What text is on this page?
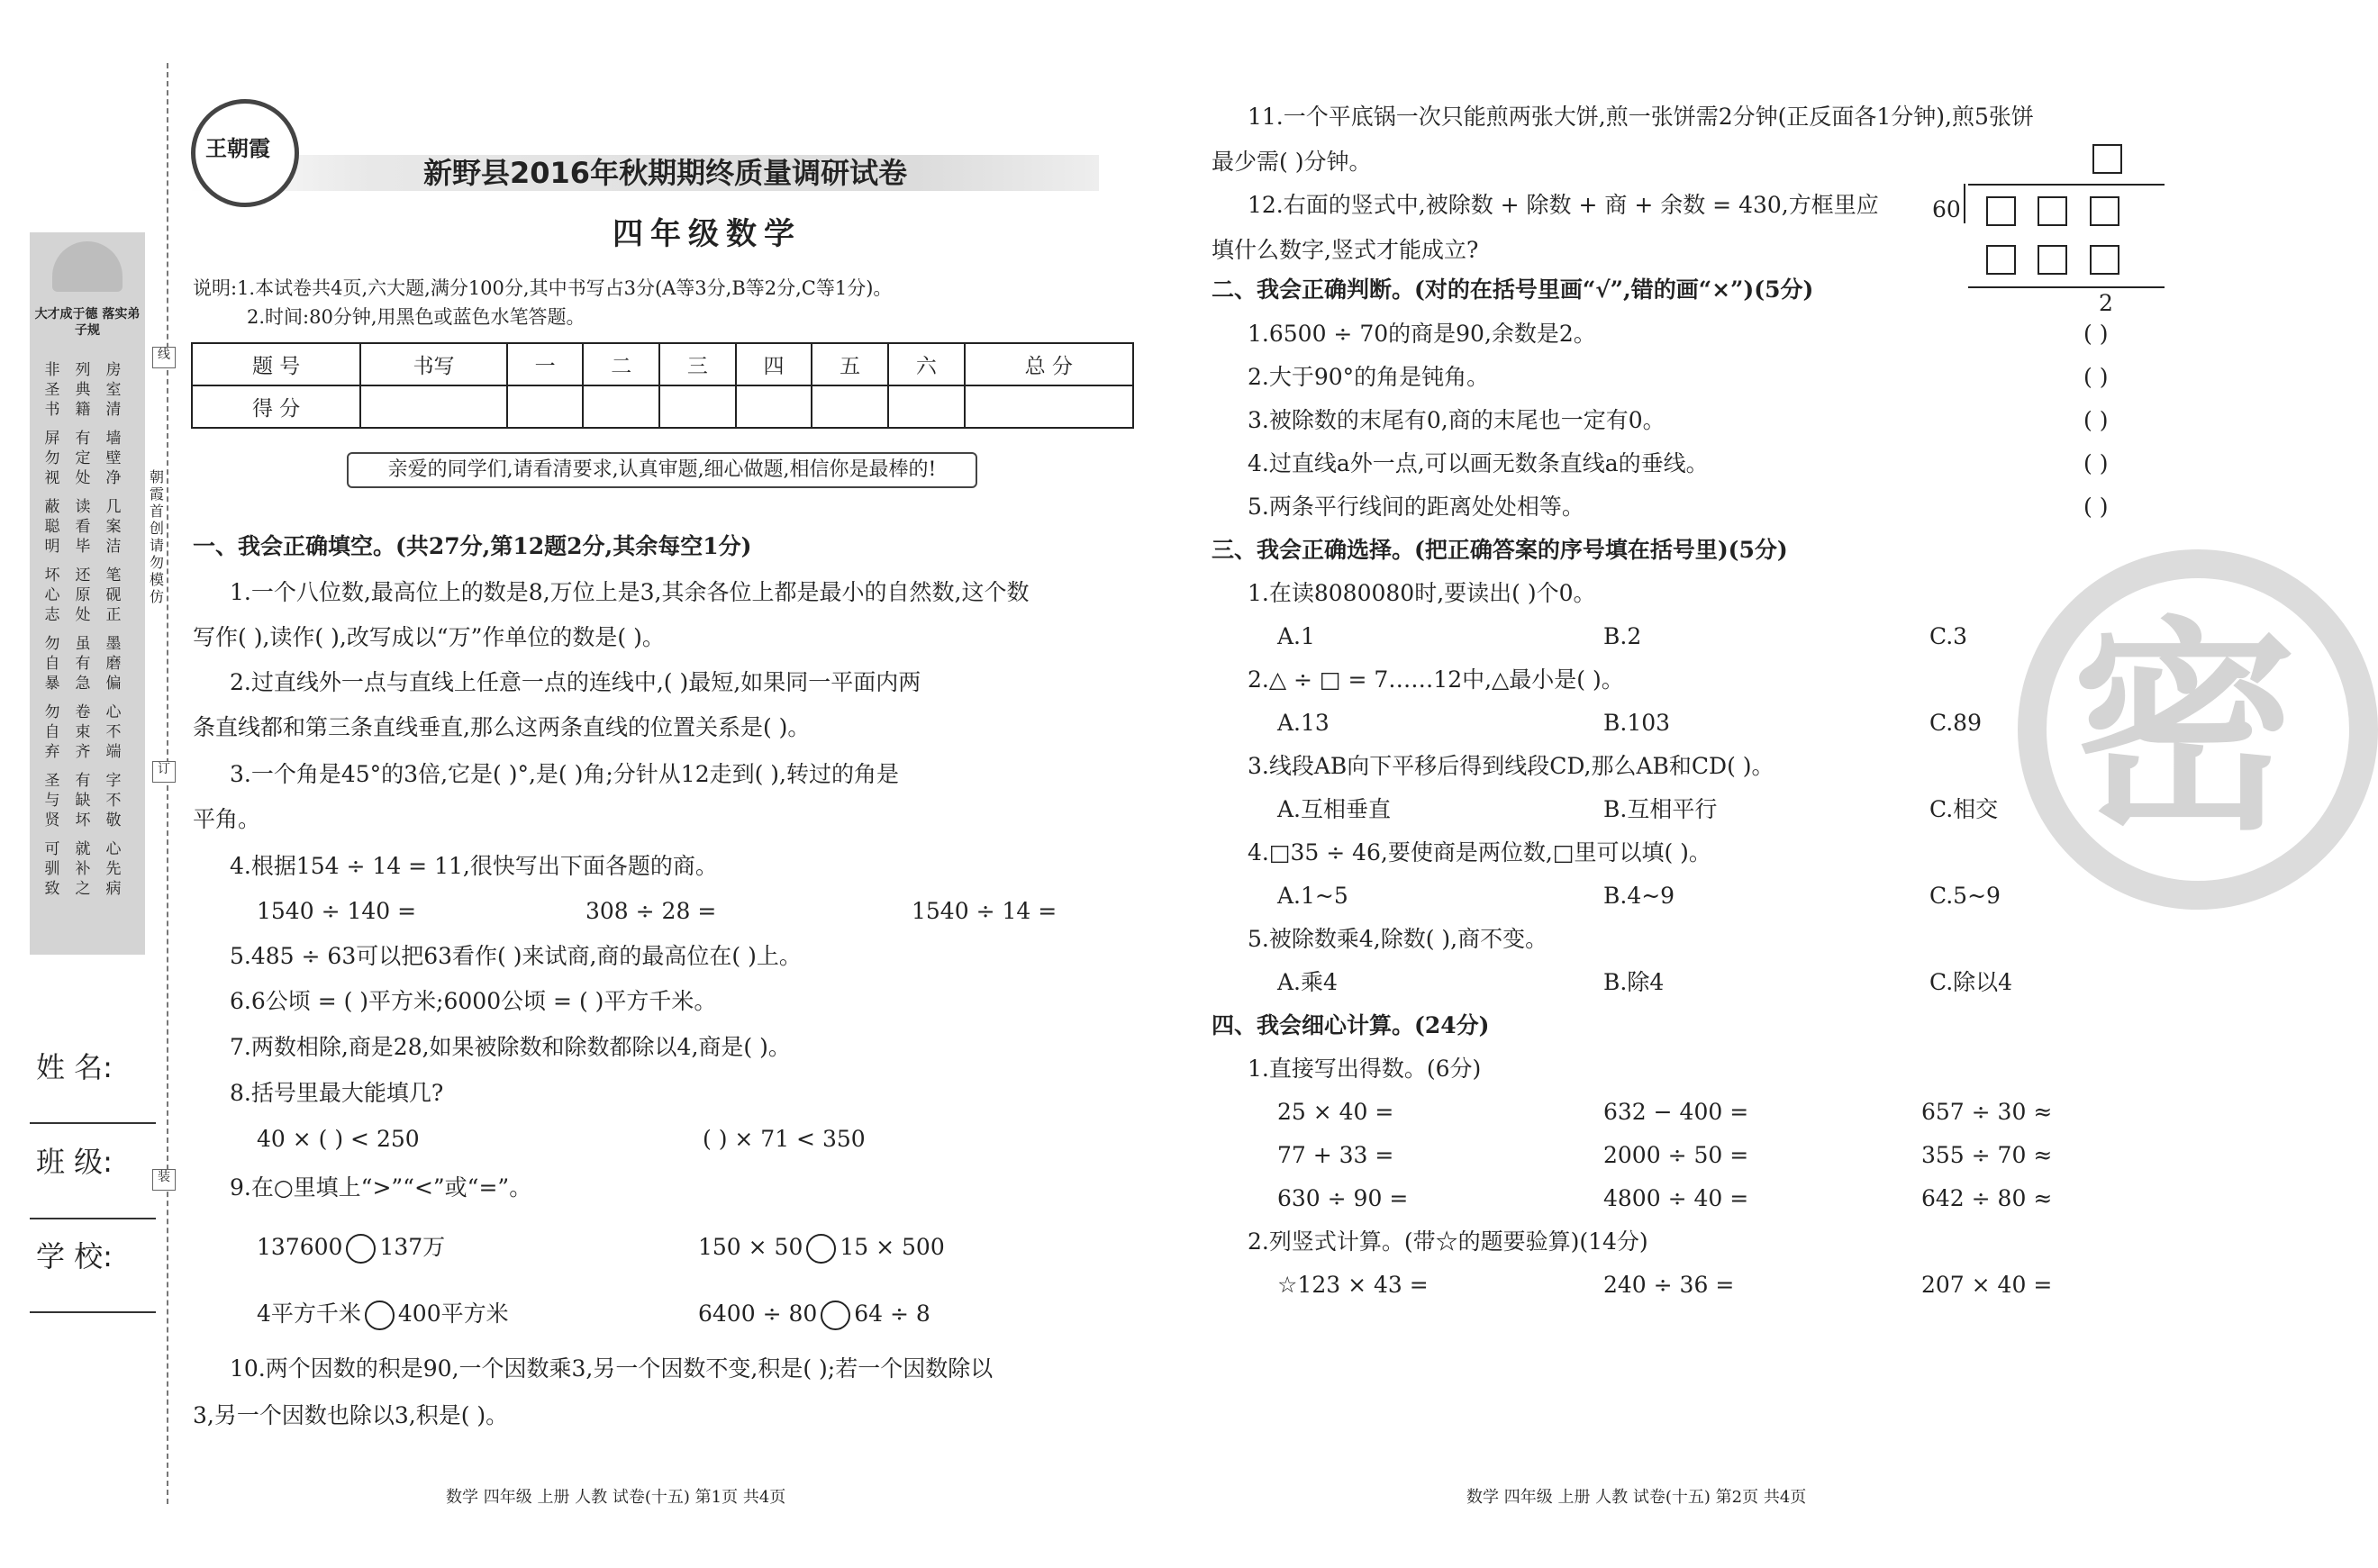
大才成于德 落实弟子规
非 列 房
圣 典 室
书 籍 清
屏 有 墙
勿 定 壁
视 处 净
蔽 读 几
聪 看 案
明 毕 洁
坏 还 笔
心 原 砚
志 处 正
勿 虽 墨
自 有 磨
暴 急 偏
勿 卷 心
自 束 不
弃 齐 端
圣 有 字
与 缺 不
贤 坏 敬
可 就 心
驯 补 先
致 之 病
朝霞首创 请勿模仿
线
订
装
姓 名:
班 级:
学 校:
王朝霞
新野县2016年秋期期终质量调研试卷
四年级数学
说明:1.本试卷共4页,六大题,满分100分,其中书写占3分(A等3分,B等2分,C等1分)。
2.时间:80分钟,用黑色或蓝色水笔答题。
题 号	书写	一	二	三	四	五	六	总 分
得 分								
亲爱的同学们,请看清要求,认真审题,细心做题,相信你是最棒的!
一、我会正确填空。(共27分,第12题2分,其余每空1分)
1.一个八位数,最高位上的数是8,万位上是3,其余各位上都是最小的自然数,这个数
写作( ),读作( ),改写成以“万”作单位的数是( )。
2.过直线外一点与直线上任意一点的连线中,( )最短,如果同一平面内两
条直线都和第三条直线垂直,那么这两条直线的位置关系是( )。
3.一个角是45°的3倍,它是( )°,是( )角;分针从12走到( ),转过的角是
平角。
4.根据154 ÷ 14 = 11,很快写出下面各题的商。
1540 ÷ 140 =	308 ÷ 28 =	1540 ÷ 14 =
5.485 ÷ 63可以把63看作( )来试商,商的最高位在( )上。
6.6公顷 = ( )平方米;6000公顷 = ( )平方千米。
7.两数相除,商是28,如果被除数和除数都除以4,商是( )。
8.括号里最大能填几?
40 × ( ) < 250	( ) × 71 < 350
9.在○里填上“>”“<”或“=”。
137600 137万	150 × 50 15 × 500
4平方千米 400平方米	6400 ÷ 80 64 ÷ 8
10.两个因数的积是90,一个因数乘3,另一个因数不变,积是( );若一个因数除以
3,另一个因数也除以3,积是( )。
数学 四年级 上册 人教 试卷(十五) 第1页 共4页
密
11.一个平底锅一次只能煎两张大饼,煎一张饼需2分钟(正反面各1分钟),煎5张饼
最少需( )分钟。
12.右面的竖式中,被除数 + 除数 + 商 + 余数 = 430,方框里应
填什么数字,竖式才能成立?
60
2
二、我会正确判断。(对的在括号里画“√”,错的画“×”)(5分)
1.6500 ÷ 70的商是90,余数是2。
2.大于90°的角是钝角。
3.被除数的末尾有0,商的末尾也一定有0。
4.过直线a外一点,可以画无数条直线a的垂线。
5.两条平行线间的距离处处相等。
( )
( )
( )
( )
( )
三、我会正确选择。(把正确答案的序号填在括号里)(5分)
1.在读8080080时,要读出( )个0。
A.1	B.2	C.3
2.△ ÷ □ = 7……12中,△最小是( )。
A.13	B.103	C.89
3.线段AB向下平移后得到线段CD,那么AB和CD( )。
A.互相垂直	B.互相平行	C.相交
4.□35 ÷ 46,要使商是两位数,□里可以填( )。
A.1~5	B.4~9	C.5~9
5.被除数乘4,除数( ),商不变。
A.乘4	B.除4	C.除以4
四、我会细心计算。(24分)
1.直接写出得数。(6分)
25 × 40 =	632 − 400 =	657 ÷ 30 ≈
77 + 33 =	2000 ÷ 50 =	355 ÷ 70 ≈
630 ÷ 90 =	4800 ÷ 40 =	642 ÷ 80 ≈
2.列竖式计算。(带☆的题要验算)(14分)
☆123 × 43 =	240 ÷ 36 =	207 × 40 =
数学 四年级 上册 人教 试卷(十五) 第2页 共4页
